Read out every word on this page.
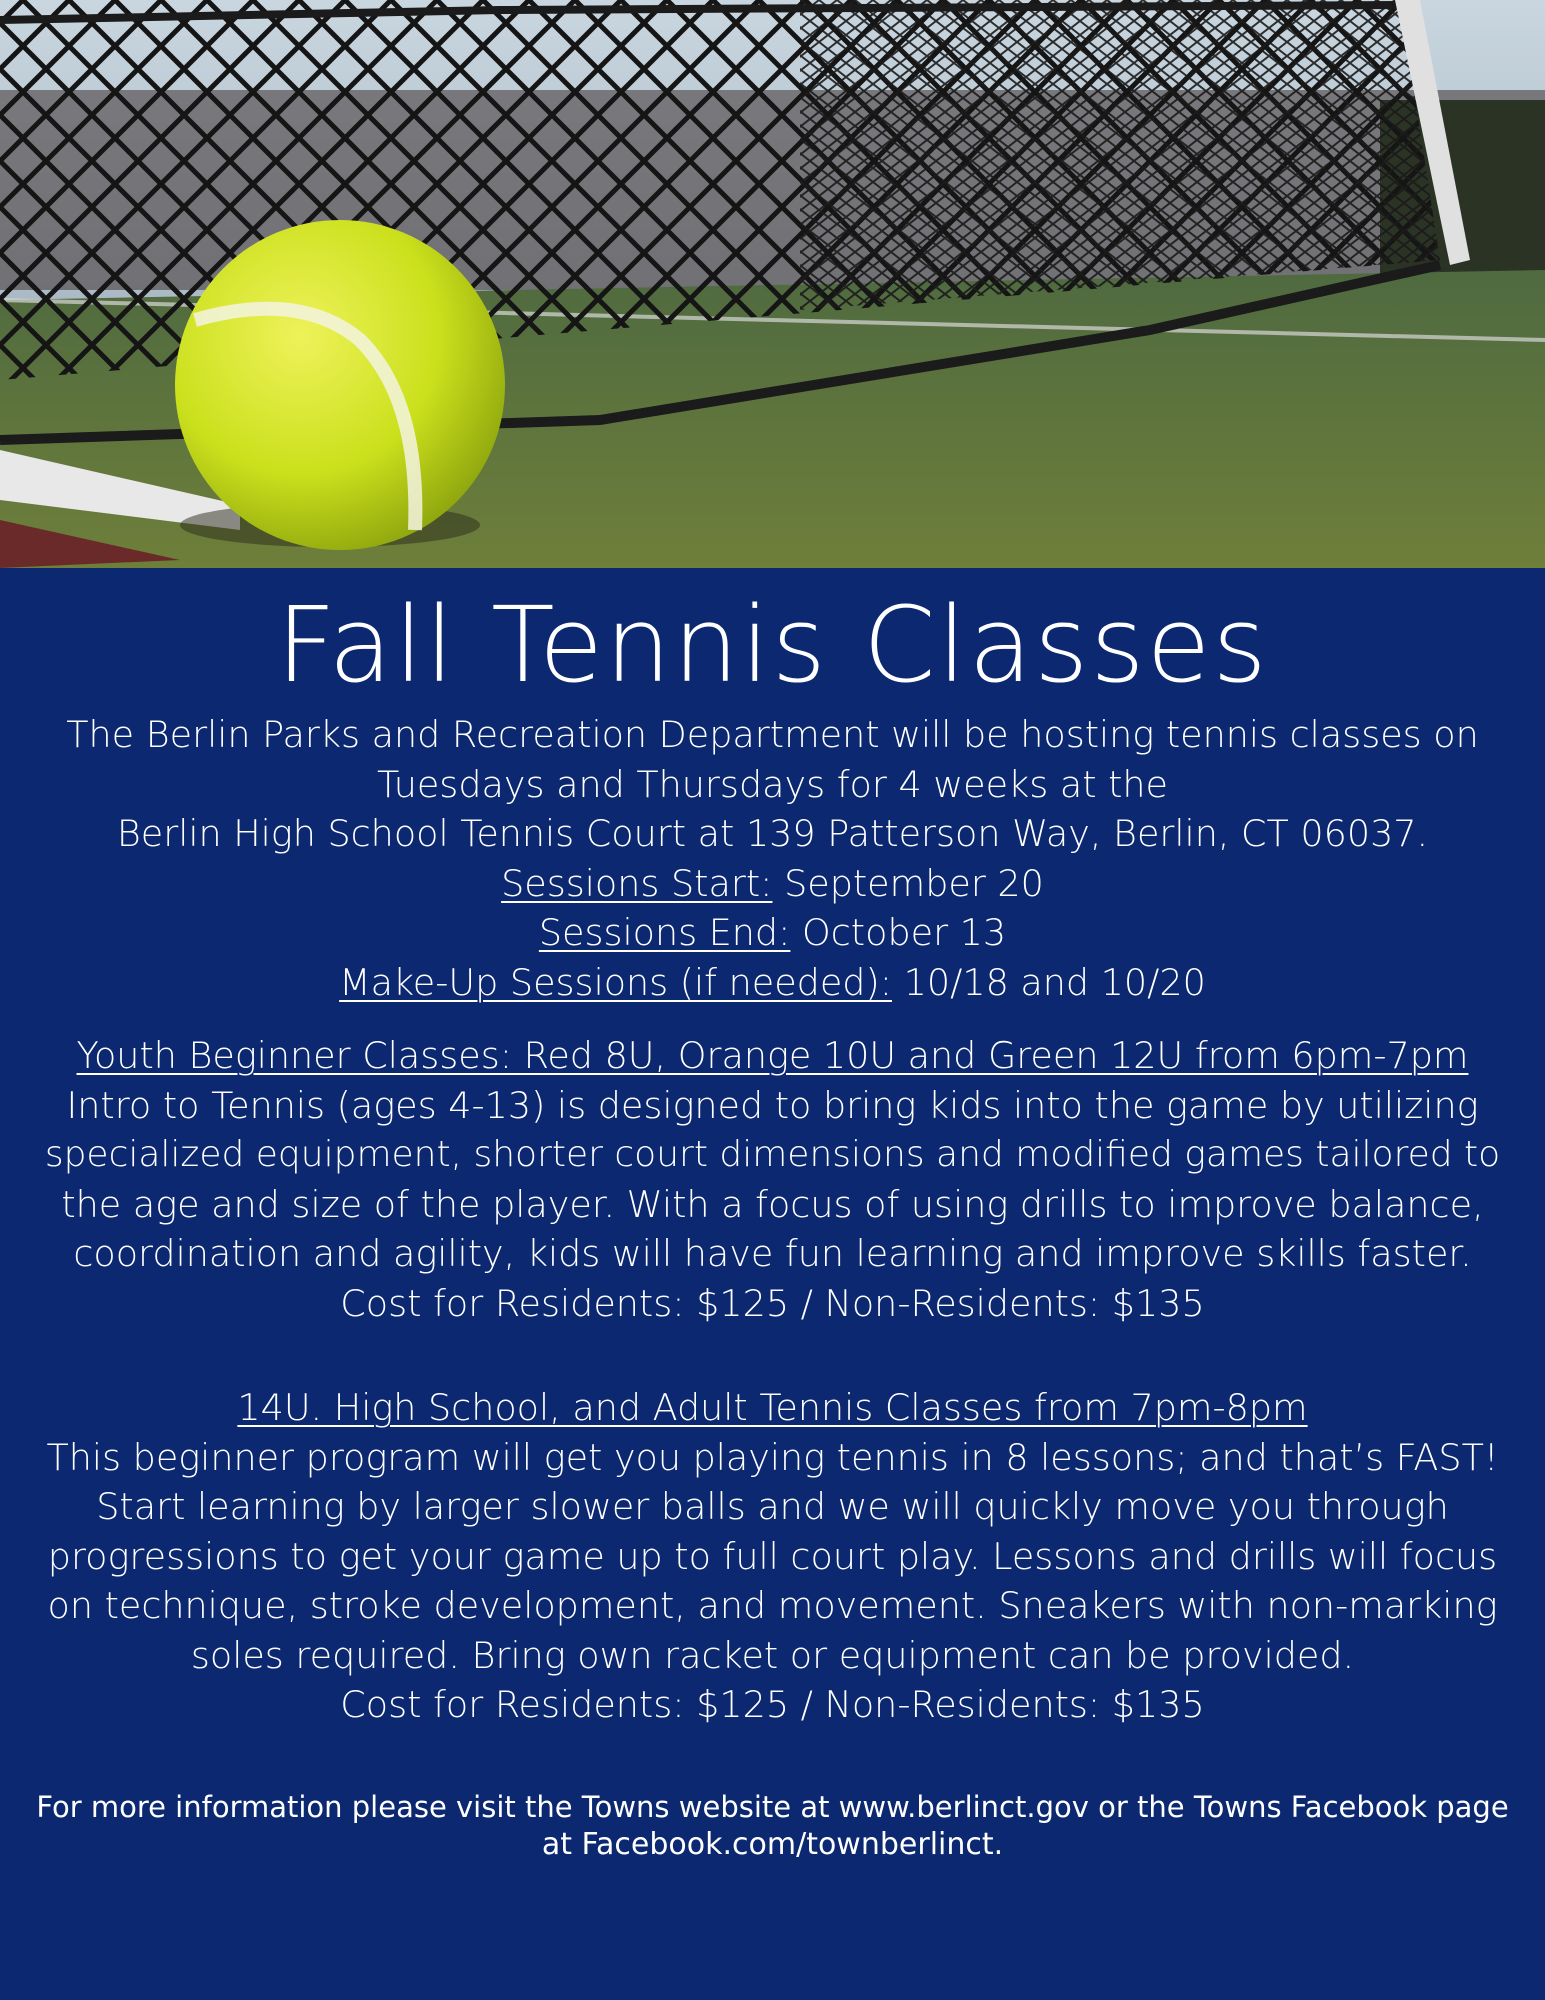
Fall Tennis Classes
The Berlin Parks and Recreation Department will be hosting tennis classes on
Tuesdays and Thursdays for 4 weeks at the
Berlin High School Tennis Court at 139 Patterson Way, Berlin, CT 06037.
Sessions Start: September 20
Sessions End: October 13
Make-Up Sessions (if needed): 10/18 and 10/20
Youth Beginner Classes: Red 8U, Orange 10U and Green 12U from 6pm-7pm
Intro to Tennis (ages 4-13) is designed to bring kids into the game by utilizing
specialized equipment, shorter court dimensions and modified games tailored to
the age and size of the player. With a focus of using drills to improve balance,
coordination and agility, kids will have fun learning and improve skills faster.
Cost for Residents: $125 / Non-Residents: $135
14U. High School, and Adult Tennis Classes from 7pm-8pm
This beginner program will get you playing tennis in 8 lessons; and that’s FAST!
Start learning by larger slower balls and we will quickly move you through
progressions to get your game up to full court play. Lessons and drills will focus
on technique, stroke development, and movement. Sneakers with non-marking
soles required. Bring own racket or equipment can be provided.
Cost for Residents: $125 / Non-Residents: $135
For more information please visit the Towns website at www.berlinct.gov or the Towns Facebook page
at Facebook.com/townberlinct.
